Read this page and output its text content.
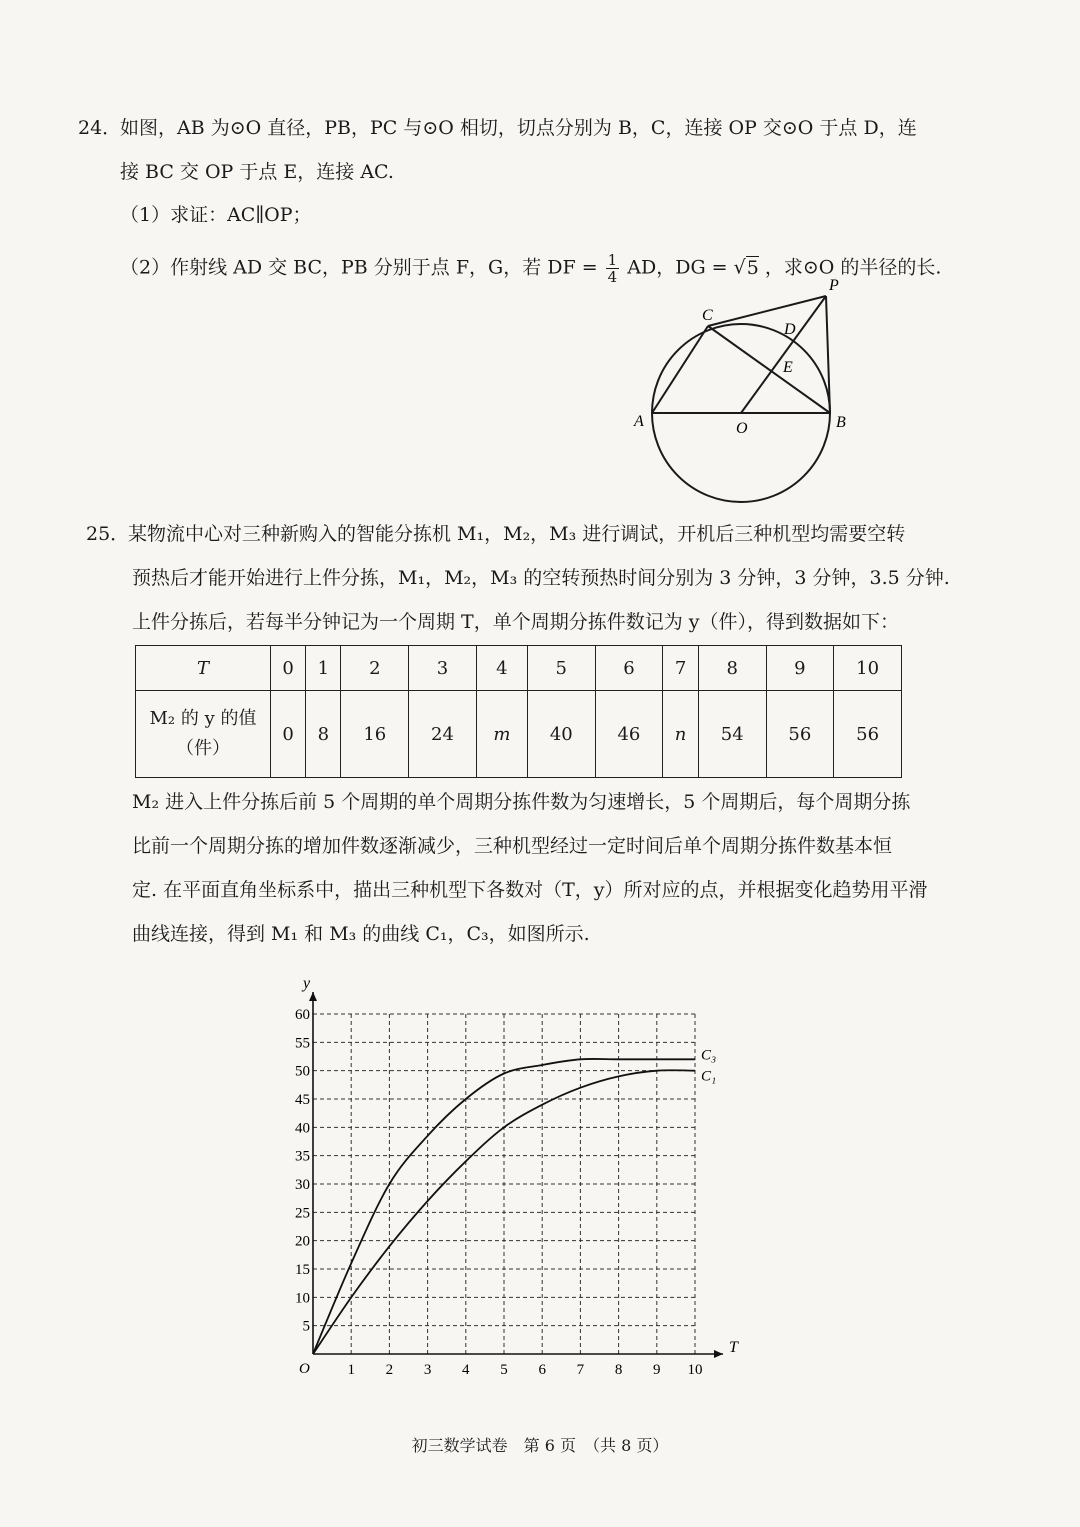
24．
如图，AB 为⊙O 直径，PB，PC 与⊙O 相切，切点分别为 B，C，连接 OP 交⊙O 于点 D，连
接 BC 交 OP 于点 E，连接 AC.
（1）求证：AC∥OP；
（2）作射线 AD 交 BC，PB 分别于点 F，G，若 DF = $\frac{1}{4}$ AD，DG = √5 ，求⊙O 的半径的长.
P
C
D
E
A	O	B
25．
某物流中心对三种新购入的智能分拣机 M₁，M₂，M₃ 进行调试，开机后三种机型均需要空转
预热后才能开始进行上件分拣，M₁，M₂，M₃ 的空转预热时间分别为 3 分钟，3 分钟，3.5 分钟.
上件分拣后，若每半分钟记为一个周期 T，单个周期分拣件数记为 y（件），得到数据如下：
T	0	1	2	3	4	5	6	7	8	9	10

M₂ 的 y 的值
（件）	0	8	16	24	m	40	46	n	54	56	56
M₂ 进入上件分拣后前 5 个周期的单个周期分拣件数为匀速增长，5 个周期后，每个周期分拣
比前一个周期分拣的增加件数逐渐减少，三种机型经过一定时间后单个周期分拣件数基本恒
定. 在平面直角坐标系中，描出三种机型下各数对（T，y）所对应的点，并根据变化趋势用平滑
曲线连接，得到 M₁ 和 M₃ 的曲线 C₁，C₃，如图所示.
1 2 3 4 5 6 7 8 9 10
5
10
15
20
25
30
35
40
45
50
55
60
O
T
y
C₃
C₁
初三数学试卷　第 6 页　（共 8 页）
